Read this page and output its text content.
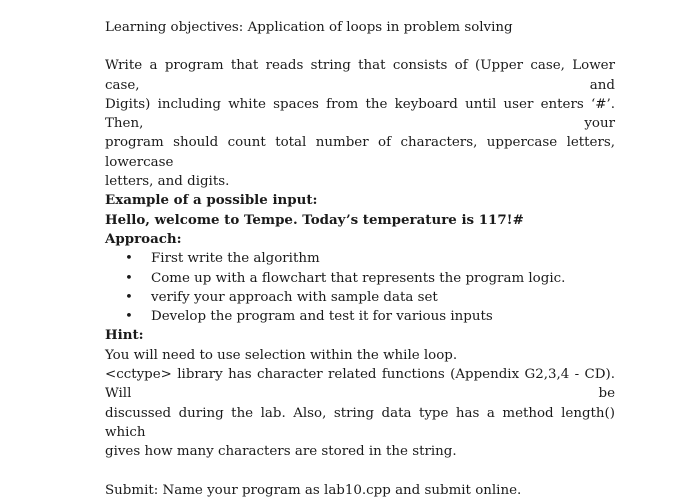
Learning objectives: Application of loops in problem solving
Write a program that reads string that consists of (Upper case, Lower case, and
Digits) including white spaces from the keyboard until user enters ‘#’. Then, your
program should count total number of characters, uppercase letters, lowercase
letters, and digits.
Example of a possible input:
Hello, welcome to Tempe. Today’s temperature is 117!#
Approach:
• First write the algorithm
• Come up with a flowchart that represents the program logic.
• verify your approach with sample data set
• Develop the program and test it for various inputs
Hint:
You will need to use selection within the while loop.
<cctype> library has character related functions (Appendix G2,3,4 - CD). Will be
discussed during the lab. Also, string data type has a method length() which
gives how many characters are stored in the string.
Submit: Name your program as lab10.cpp and submit online.
